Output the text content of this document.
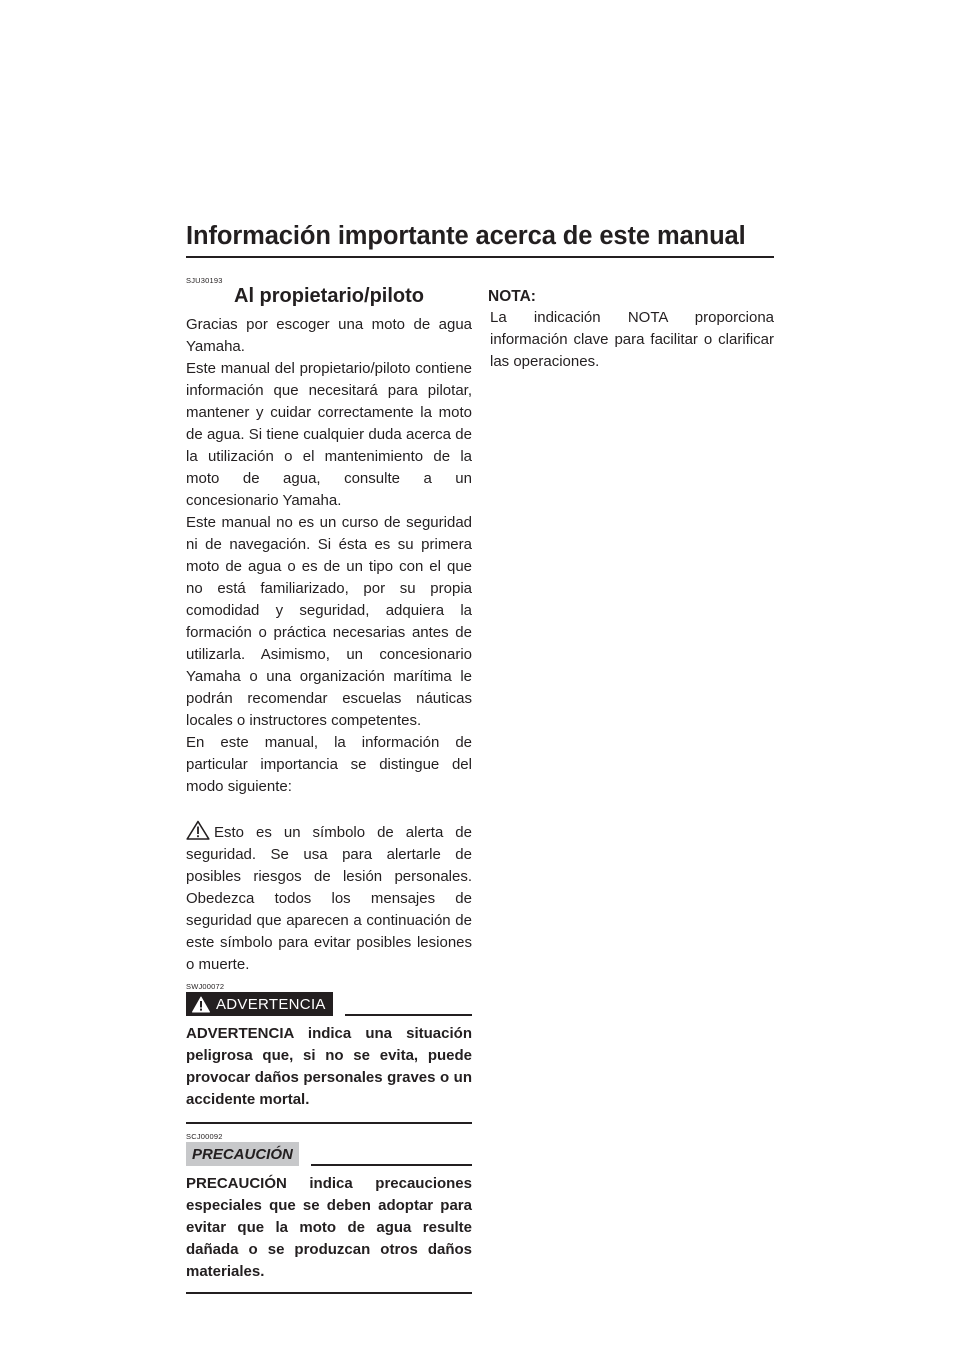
Información importante acerca de este manual
SJU30193
Al propietario/piloto

Gracias por escoger una moto de agua Yamaha.

Este manual del propietario/piloto contiene información que necesitará para pilotar, mantener y cuidar correctamente la moto de agua. Si tiene cualquier duda acerca de la utilización o el mantenimiento de la moto de agua, consulte a un concesionario Yamaha.

Este manual no es un curso de seguridad ni de navegación. Si ésta es su primera moto de agua o es de un tipo con el que no está familiarizado, por su propia comodidad y seguridad, adquiera la formación o práctica necesarias antes de utilizarla. Asimismo, un concesionario Yamaha o una organización marítima le podrán recomendar escuelas náuticas locales o instructores competentes.

En este manual, la información de particular importancia se distingue del modo siguiente:

Esto es un símbolo de alerta de seguridad. Se usa para alertarle de posibles riesgos de lesión personales. Obedezca todos los mensajes de seguridad que aparecen a continuación de este símbolo para evitar posibles lesiones o muerte.

SWJ00072
ADVERTENCIA

ADVERTENCIA indica una situación peligrosa que, si no se evita, puede provocar daños personales graves o un accidente mortal.

SCJ00092
PRECAUCIÓN

PRECAUCIÓN indica precauciones especiales que se deben adoptar para evitar que la moto de agua resulte dañada o se produzcan otros daños materiales.

NOTA:

La indicación NOTA proporciona información clave para facilitar o clarificar las operaciones.
